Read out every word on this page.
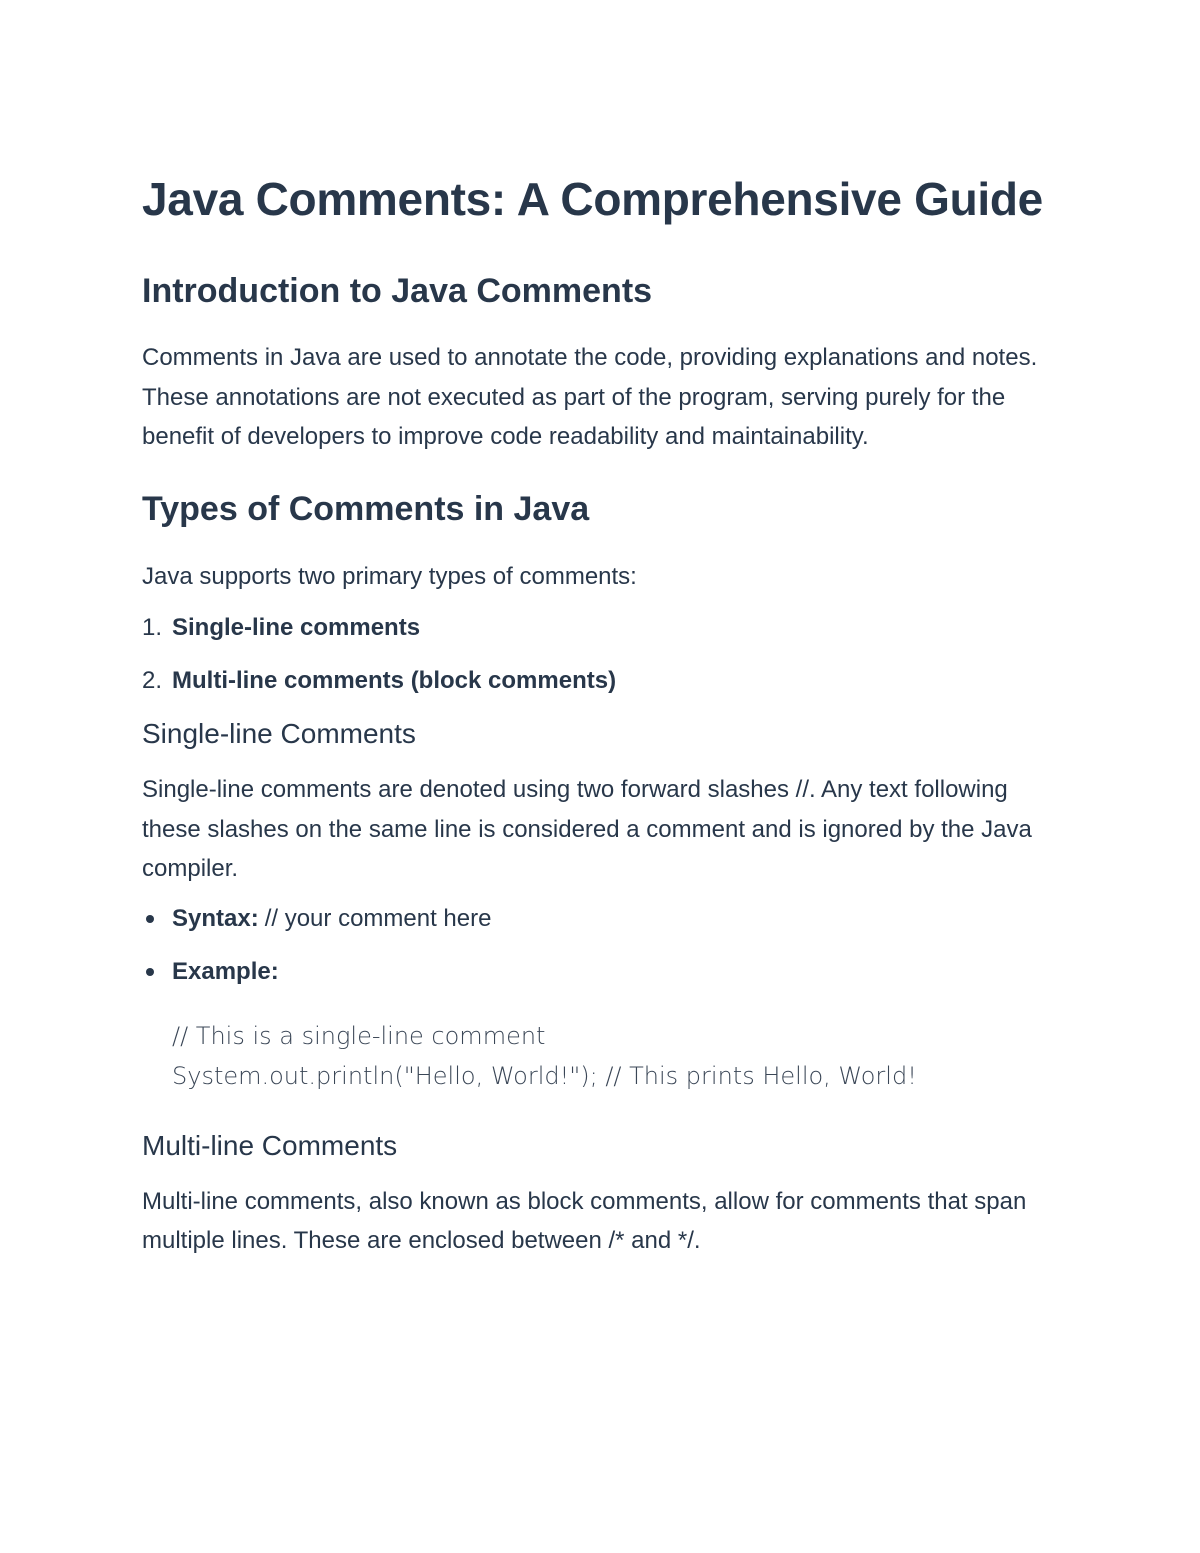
Java Comments: A Comprehensive Guide
Introduction to Java Comments

Comments in Java are used to annotate the code, providing explanations and notes. These annotations are not executed as part of the program, serving purely for the benefit of developers to improve code readability and maintainability.

Types of Comments in Java

Java supports two primary types of comments:

1. Single-line comments
2. Multi-line comments (block comments)
Single-line Comments

Single-line comments are denoted using two forward slashes //. Any text following these slashes on the same line is considered a comment and is ignored by the Java compiler.

Syntax: // your comment here
Example:
// This is a single-line comment
System.out.println("Hello, World!"); // This prints Hello, World!
Multi-line Comments

Multi-line comments, also known as block comments, allow for comments that span multiple lines. These are enclosed between /* and */.
